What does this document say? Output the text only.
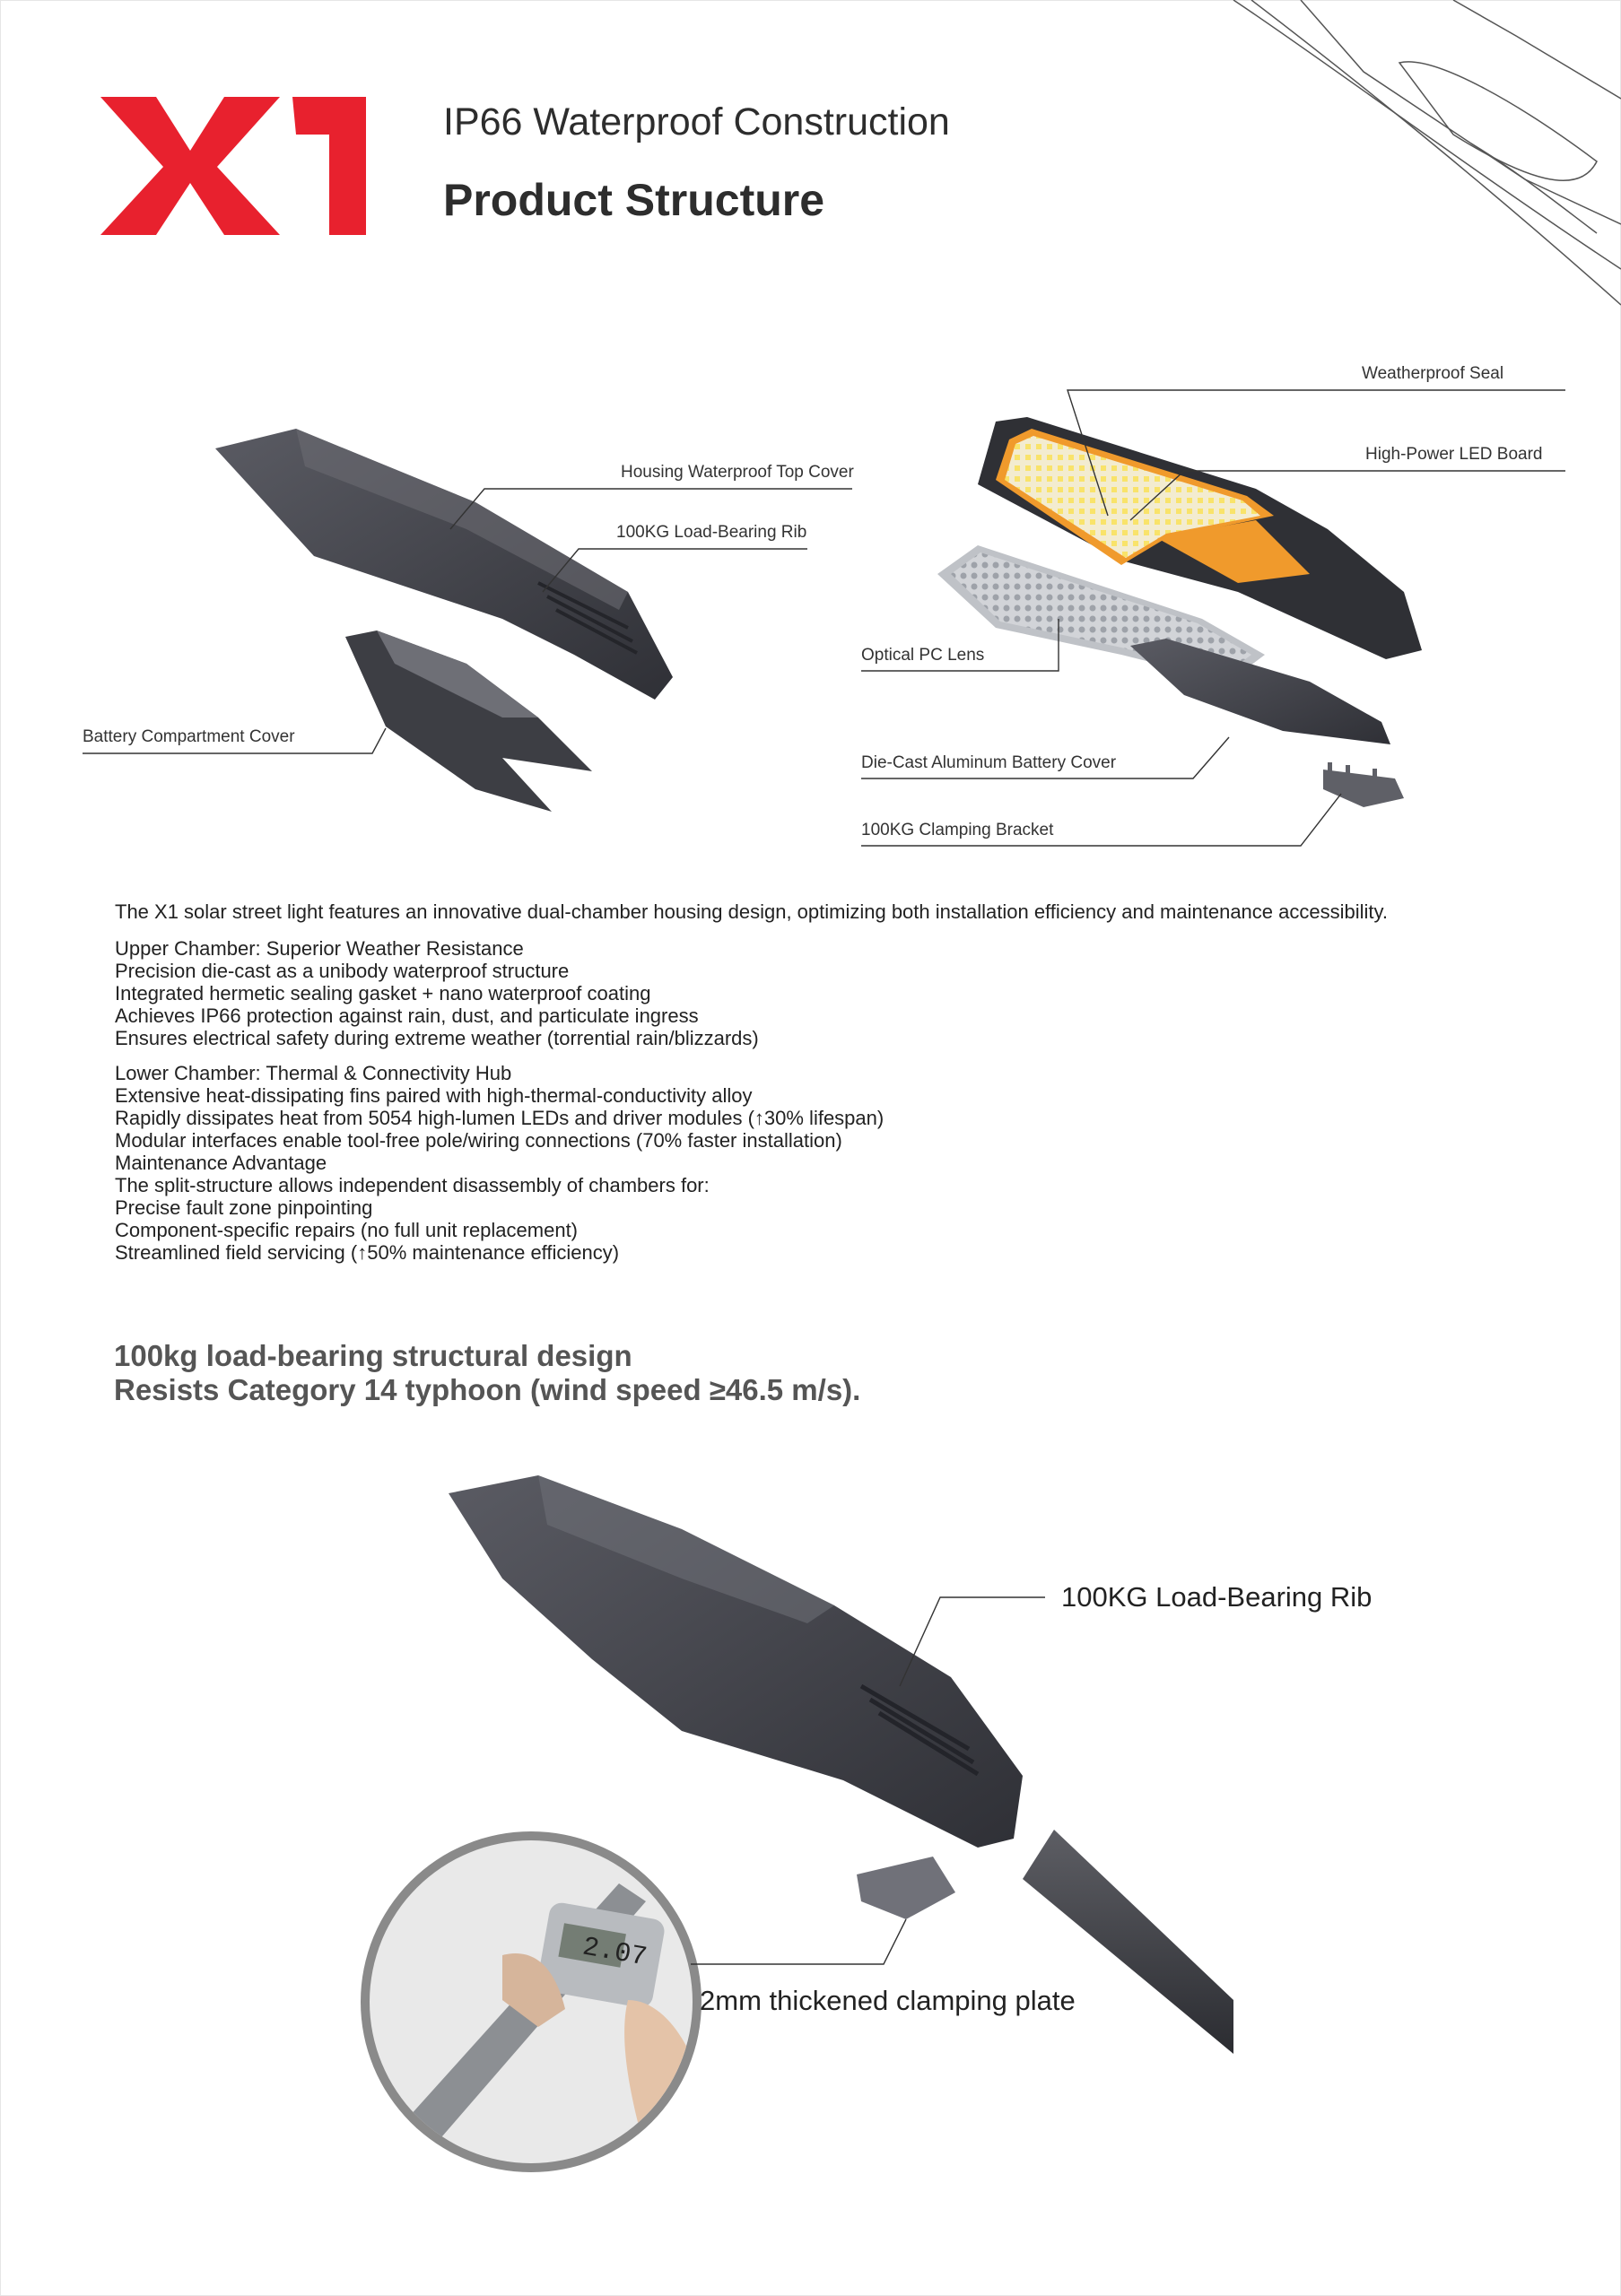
IP66 Waterproof Construction
Product Structure
2.07
Housing Waterproof Top Cover
100KG Load-Bearing Rib
Battery Compartment Cover
Weatherproof Seal
High-Power LED Board
Optical PC Lens
Die-Cast Aluminum Battery Cover
100KG Clamping Bracket

The X1 solar street light features an innovative dual-chamber housing design, optimizing both installation efficiency and maintenance accessibility.

Upper Chamber: Superior Weather Resistance

Precision die-cast as a unibody waterproof structure

Integrated hermetic sealing gasket + nano waterproof coating

Achieves IP66 protection against rain, dust, and particulate ingress

Ensures electrical safety during extreme weather (torrential rain/blizzards)

Lower Chamber: Thermal & Connectivity Hub

Extensive heat-dissipating fins paired with high-thermal-conductivity alloy

Rapidly dissipates heat from 5054 high-lumen LEDs and driver modules (↑30% lifespan)

Modular interfaces enable tool-free pole/wiring connections (70% faster installation)

Maintenance Advantage

The split-structure allows independent disassembly of chambers for:

Precise fault zone pinpointing

Component-specific repairs (no full unit replacement)

Streamlined field servicing (↑50% maintenance efficiency)

100kg load-bearing structural design
Resists Category 14 typhoon (wind speed ≥46.5 m/s).
100KG Load-Bearing Rib
2mm thickened clamping plate
